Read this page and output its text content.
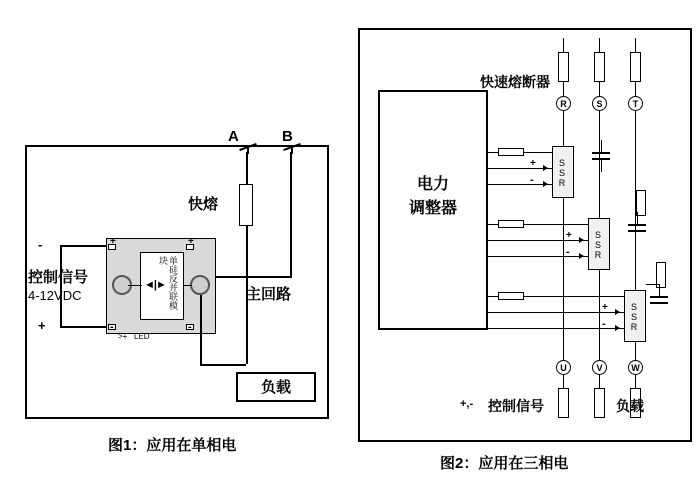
A	B
快熔
主回路
单硅反并联模块
◄|►
+	+
-	-
>+ LED
-
+
控制信号
4-12VDC
负载
图1：应用在单相电
电力
调整器
快速熔断器
R	S	T
SSR
SSR
SSR
+
-
+
-
+
-
U	V	W
+,- 控制信号	负载
图2：应用在三相电
